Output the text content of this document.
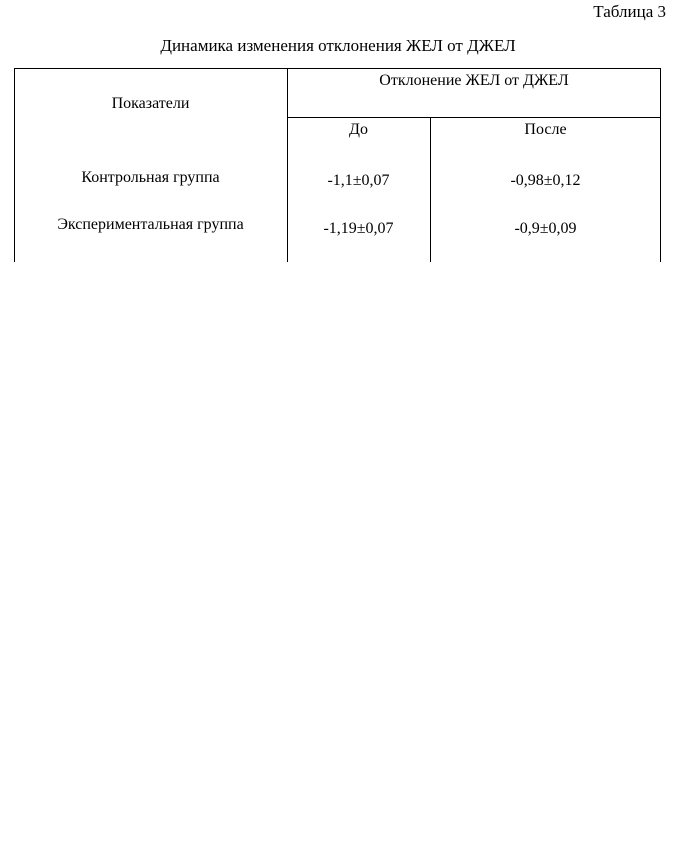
Таблица 3
Динамика изменения отклонения ЖЕЛ от ДЖЕЛ
Показатели
Отклонение ЖЕЛ от ДЖЕЛ
До	После
Контрольная группа	-1,1±0,07	-0,98±0,12
Экспериментальная группа	-1,19±0,07	-0,9±0,09
